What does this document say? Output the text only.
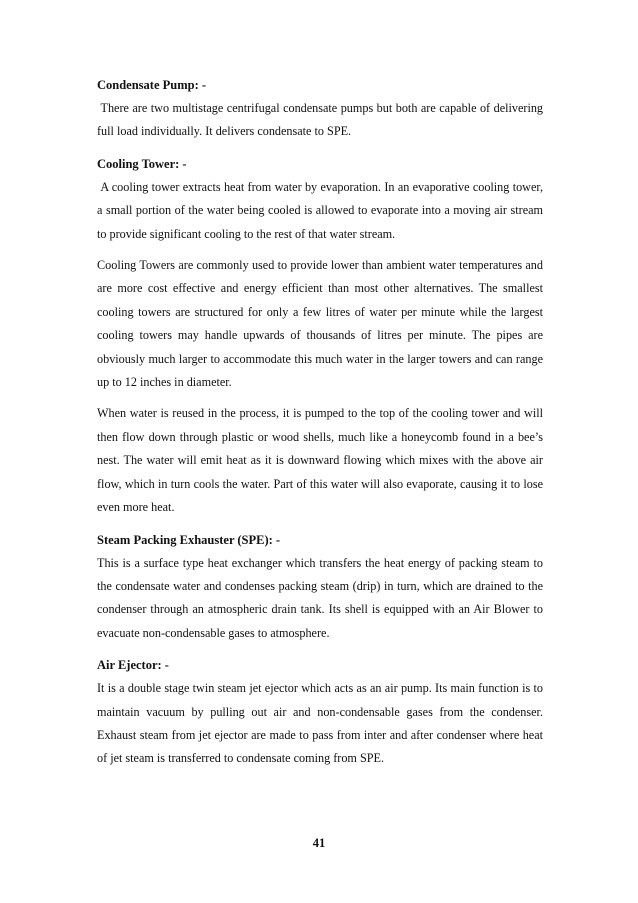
Condensate Pump: -

There are two multistage centrifugal condensate pumps but both are capable of delivering full load individually. It delivers condensate to SPE.

Cooling Tower: -

A cooling tower extracts heat from water by evaporation. In an evaporative cooling tower, a small portion of the water being cooled is allowed to evaporate into a moving air stream to provide significant cooling to the rest of that water stream.

Cooling Towers are commonly used to provide lower than ambient water temperatures and are more cost effective and energy efficient than most other alternatives. The smallest cooling towers are structured for only a few litres of water per minute while the largest cooling towers may handle upwards of thousands of litres per minute. The pipes are obviously much larger to accommodate this much water in the larger towers and can range up to 12 inches in diameter.

When water is reused in the process, it is pumped to the top of the cooling tower and will then flow down through plastic or wood shells, much like a honeycomb found in a bee’s nest. The water will emit heat as it is downward flowing which mixes with the above air flow, which in turn cools the water. Part of this water will also evaporate, causing it to lose even more heat.

Steam Packing Exhauster (SPE): -

This is a surface type heat exchanger which transfers the heat energy of packing steam to the condensate water and condenses packing steam (drip) in turn, which are drained to the condenser through an atmospheric drain tank. Its shell is equipped with an Air Blower to evacuate non-condensable gases to atmosphere.

Air Ejector: -

It is a double stage twin steam jet ejector which acts as an air pump. Its main function is to maintain vacuum by pulling out air and non-condensable gases from the condenser. Exhaust steam from jet ejector are made to pass from inter and after condenser where heat of jet steam is transferred to condensate coming from SPE.

41
